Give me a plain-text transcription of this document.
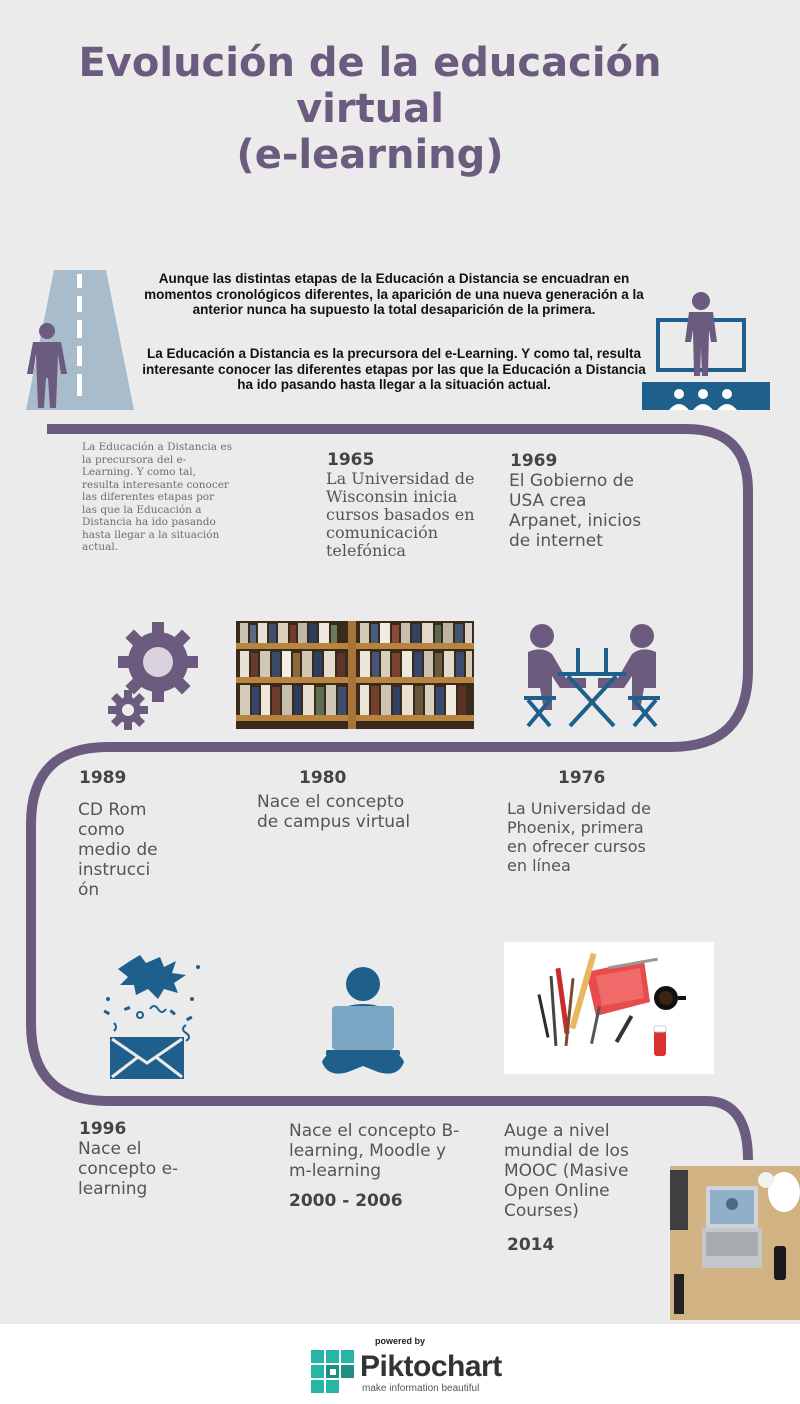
Evolución de la educación
virtual
(e-learning)
Aunque las distintas etapas de la Educación a Distancia se encuadran en momentos cronológicos diferentes, la aparición de una nueva generación a la anterior nunca ha supuesto la total desaparición de la primera.
La Educación a Distancia es la precursora del e-Learning. Y como tal, resulta interesante conocer las diferentes etapas por las que la Educación a Distancia ha ido pasando hasta llegar a la situación actual.
La Educación a Distancia es la precursora del e-Learning. Y como tal, resulta interesante conocer las diferentes etapas por las que la Educación a Distancia ha ido pasando hasta llegar a la situación actual.
1965
La Universidad de Wisconsin inicia cursos basados en comunicación telefónica
1969
El Gobierno de USA crea Arpanet, inicios de internet
1989
CD Rom como medio de instrucci ón
1980
Nace el concepto de campus virtual
1976
La Universidad de Phoenix, primera en ofrecer cursos en línea
1996
Nace el concepto e-learning
Nace el concepto B-learning, Moodle y m-learning
2000 - 2006
Auge a nivel mundial de los MOOC (Masive Open Online Courses)
2014
powered by
Piktochart
make information beautiful
